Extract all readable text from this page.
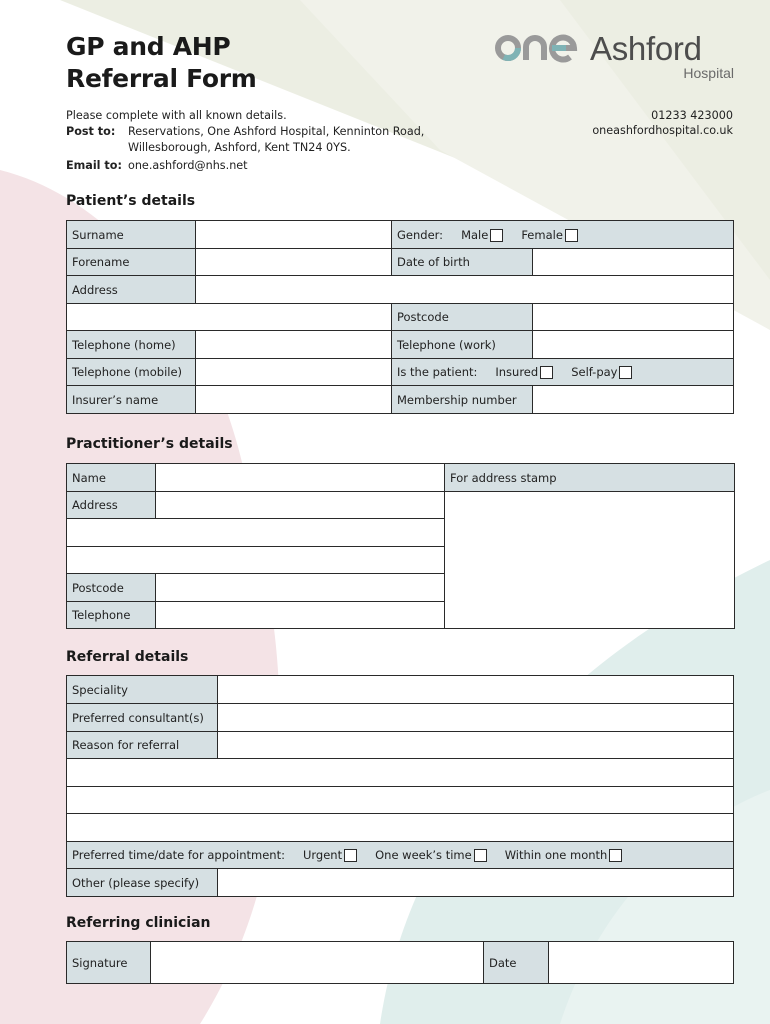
GP and AHP
Referral Form
Ashford
Hospital
Please complete with all known details.
Post to:	Reservations, One Ashford Hospital, Kenninton Road,
Willesborough, Ashford, Kent TN24 0YS.
Email to: one.ashford@nhs.net
01233 423000
oneashfordhospital.co.uk
Patient’s details
Surname		Gender: Male Female	
Forename		Date of birth	
Address			
		Postcode	
Telephone (home)		Telephone (work)	
Telephone (mobile)		Is the patient: Insured Self-pay	
Insurer’s name		Membership number	
Practitioner’s details
Name		For address stamp
Address		

Postcode		
Telephone		
Referral details
Speciality	
Preferred consultant(s)	
Reason for referral	

Preferred time/date for appointment: Urgent One week’s time Within one month	
Other (please specify)	
Referring clinician
Signature		Date	
